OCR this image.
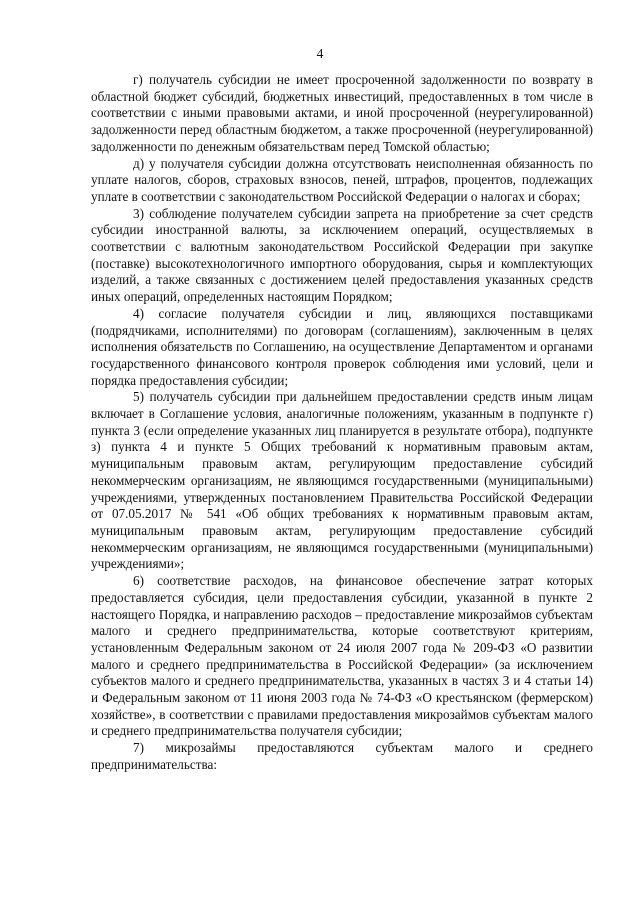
4

г) получатель субсидии не имеет просроченной задолженности по возврату в областной бюджет субсидий, бюджетных инвестиций, предоставленных в том числе в соответствии с иными правовыми актами, и иной просроченной (неурегулированной) задолженности перед областным бюджетом, а также просроченной (неурегулированной) задолженности по денежным обязательствам перед Томской областью;

д) у получателя субсидии должна отсутствовать неисполненная обязанность по уплате налогов, сборов, страховых взносов, пеней, штрафов, процентов, подлежащих уплате в соответствии с законодательством Российской Федерации о налогах и сборах;

3) соблюдение получателем субсидии запрета на приобретение за счет средств субсидии иностранной валюты, за исключением операций, осуществляемых в соответствии с валютным законодательством Российской Федерации при закупке (поставке) высокотехнологичного импортного оборудования, сырья и комплектующих изделий, а также связанных с достижением целей предоставления указанных средств иных операций, определенных настоящим Порядком;

4) согласие получателя субсидии и лиц, являющихся поставщиками (подрядчиками, исполнителями) по договорам (соглашениям), заключенным в целях исполнения обязательств по Соглашению, на осуществление Департаментом и органами государственного финансового контроля проверок соблюдения ими условий, цели и порядка предоставления субсидии;

5) получатель субсидии при дальнейшем предоставлении средств иным лицам включает в Соглашение условия, аналогичные положениям, указанным в подпункте г) пункта 3 (если определение указанных лиц планируется в результате отбора), подпункте з) пункта 4 и пункте 5 Общих требований к нормативным правовым актам, муниципальным правовым актам, регулирующим предоставление субсидий некоммерческим организациям, не являющимся государственными (муниципальными) учреждениями, утвержденных постановлением Правительства Российской Федерации от 07.05.2017 № 541 «Об общих требованиях к нормативным правовым актам, муниципальным правовым актам, регулирующим предоставление субсидий некоммерческим организациям, не являющимся государственными (муниципальными) учреждениями»;

6) соответствие расходов, на финансовое обеспечение затрат которых предоставляется субсидия, цели предоставления субсидии, указанной в пункте 2 настоящего Порядка, и направлению расходов – предоставление микрозаймов субъектам малого и среднего предпринимательства, которые соответствуют критериям, установленным Федеральным законом от 24 июля 2007 года № 209-ФЗ «О развитии малого и среднего предпринимательства в Российской Федерации» (за исключением субъектов малого и среднего предпринимательства, указанных в частях 3 и 4 статьи 14) и Федеральным законом от 11 июня 2003 года № 74-ФЗ «О крестьянском (фермерском) хозяйстве», в соответствии с правилами предоставления микрозаймов субъектам малого и среднего предпринимательства получателя субсидии;

7) микрозаймы предоставляются субъектам малого и среднего предпринимательства:
